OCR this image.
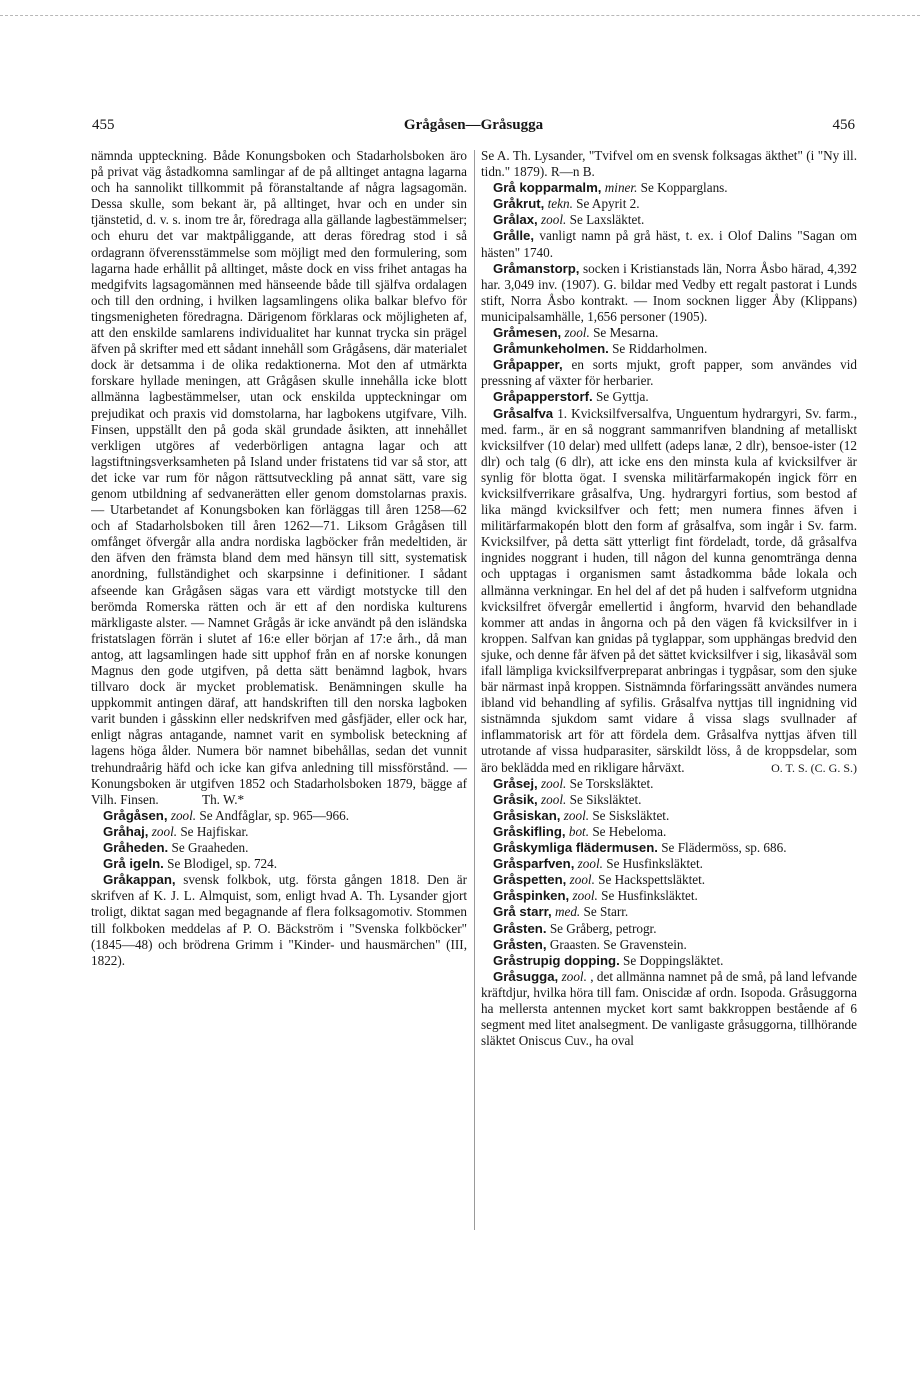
455	Grågåsen—Gråsugga	456

nämnda uppteckning. Både Konungsboken och Stadarholsboken äro på privat väg åstadkomna samlingar af de på alltinget antagna lagarna och ha sannolikt tillkommit på föranstaltande af några lagsagomän. Dessa skulle, som bekant är, på alltinget, hvar och en under sin tjänstetid, d. v. s. inom tre år, föredraga alla gällande lagbestämmelser; och ehuru det var maktpåliggande, att deras föredrag stod i så ordagrann öfverensstämmelse som möjligt med den formulering, som lagarna hade erhållit på alltinget, måste dock en viss frihet antagas ha medgifvits lagsagomännen med hänseende både till själfva ordalagen och till den ordning, i hvilken lagsamlingens olika balkar blefvo för tingsmenigheten föredragna. Därigenom förklaras ock möjligheten af, att den enskilde samlarens individualitet har kunnat trycka sin prägel äfven på skrifter med ett sådant innehåll som Grågåsens, där materialet dock är detsamma i de olika redaktionerna. Mot den af utmärkta forskare hyllade meningen, att Grågåsen skulle innehålla icke blott allmänna lagbestämmelser, utan ock enskilda uppteckningar om prejudikat och praxis vid domstolarna, har lagbokens utgifvare, Vilh. Finsen, uppställt den på goda skäl grundade åsikten, att innehållet verkligen utgöres af vederbörligen antagna lagar och att lagstiftningsverksamheten på Island under fristatens tid var så stor, att det icke var rum för någon rättsutveckling på annat sätt, vare sig genom utbildning af sedvanerätten eller genom domstolarnas praxis. — Utarbetandet af Konungsboken kan förläggas till åren 1258—62 och af Stadarholsboken till åren 1262—71. Liksom Grågåsen till omfånget öfvergår alla andra nordiska lagböcker från medeltiden, är den äfven den främsta bland dem med hänsyn till sitt, systematisk anordning, fullständighet och skarpsinne i definitioner. I sådant afseende kan Grågåsen sägas vara ett värdigt motstycke till den berömda Romerska rätten och är ett af den nordiska kulturens märkligaste alster. — Namnet Grågås är icke användt på den isländska fristatslagen förrän i slutet af 16:e eller början af 17:e årh., då man antog, att lagsamlingen hade sitt upphof från en af norske konungen Magnus den gode utgifven, på detta sätt benämnd lagbok, hvars tillvaro dock är mycket problematisk. Benämningen skulle ha uppkommit antingen däraf, att handskriften till den norska lagboken varit bunden i gåsskinn eller nedskrifven med gåsfjäder, eller ock har, enligt någras antagande, namnet varit en symbolisk beteckning af lagens höga ålder. Numera bör namnet bibehållas, sedan det vunnit trehundraårig häfd och icke kan gifva anledning till missförstånd. — Konungsboken är utgifven 1852 och Stadarholsboken 1879, bägge af Vilh. Finsen.	Th. W.*

Grågåsen, zool. Se Andfåglar, sp. 965—966.

Gråhaj, zool. Se Hajfiskar.

Gråheden. Se Graaheden.

Grå igeln. Se Blodigel, sp. 724.

Gråkappan, svensk folkbok, utg. första gången 1818. Den är skrifven af K. J. L. Almquist, som, enligt hvad A. Th. Lysander gjort troligt, diktat sagan med begagnande af flera folksagomotiv. Stommen till folkboken meddelas af P. O. Bäckström i "Svenska folkböcker" (1845—48) och brödrena Grimm i "Kinder- und hausmärchen" (III, 1822).

Se A. Th. Lysander, "Tvifvel om en svensk folksagas äkthet" (i "Ny ill. tidn." 1879). R—n B.

Grå kopparmalm, miner. Se Kopparglans.

Gråkrut, tekn. Se Apyrit 2.

Grålax, zool. Se Laxsläktet.

Grålle, vanligt namn på grå häst, t. ex. i Olof Dalins "Sagan om hästen" 1740.

Gråmanstorp, socken i Kristianstads län, Norra Åsbo härad, 4,392 har. 3,049 inv. (1907). G. bildar med Vedby ett regalt pastorat i Lunds stift, Norra Åsbo kontrakt. — Inom socknen ligger Åby (Klippans) municipalsamhälle, 1,656 personer (1905).

Gråmesen, zool. Se Mesarna.

Gråmunkeholmen. Se Riddarholmen.

Gråpapper, en sorts mjukt, groft papper, som användes vid pressning af växter för herbarier.

Gråpapperstorf. Se Gyttja.

Gråsalfva 1. Kvicksilfversalfva, Unguentum hydrargyri, Sv. farm., med. farm., är en så noggrant sammanrifven blandning af metalliskt kvicksilfver (10 delar) med ullfett (adeps lanæ, 2 dlr), bensoe-ister (12 dlr) och talg (6 dlr), att icke ens den minsta kula af kvicksilfver är synlig för blotta ögat. I svenska militärfarmakopén ingick förr en kvicksilfverrikare gråsalfva, Ung. hydrargyri fortius, som bestod af lika mängd kvicksilfver och fett; men numera finnes äfven i militärfarmakopén blott den form af gråsalfva, som ingår i Sv. farm. Kvicksilfver, på detta sätt ytterligt fint fördeladt, torde, då gråsalfva ingnides noggrant i huden, till någon del kunna genomtränga denna och upptagas i organismen samt åstadkomma både lokala och allmänna verkningar. En hel del af det på huden i salfveform utgnidna kvicksilfret öfvergår emellertid i ångform, hvarvid den behandlade kommer att andas in ångorna och på den vägen få kvicksilfver in i kroppen. Salfvan kan gnidas på tyglappar, som upphängas bredvid den sjuke, och denne får äfven på det sättet kvicksilfver i sig, likasåväl som ifall lämpliga kvicksilfverpreparat anbringas i tygpåsar, som den sjuke bär närmast inpå kroppen. Sistnämnda förfaringssätt användes numera ibland vid behandling af syfilis. Gråsalfva nyttjas till ingnidning vid sistnämnda sjukdom samt vidare å vissa slags svullnader af inflammatorisk art för att fördela dem. Gråsalfva nyttjas äfven till utrotande af vissa hudparasiter, särskildt löss, å de kroppsdelar, som äro beklädda med en rikligare hårväxt.	O. T. S. (C. G. S.)

Gråsej, zool. Se Torsksläktet.

Gråsik, zool. Se Siksläktet.

Gråsiskan, zool. Se Sisksläktet.

Gråskifling, bot. Se Hebeloma.

Gråskymliga flädermusen. Se Flädermöss, sp. 686.

Gråsparfven, zool. Se Husfinksläktet.

Gråspetten, zool. Se Hackspettsläktet.

Gråspinken, zool. Se Husfinksläktet.

Grå starr, med. Se Starr.

Gråsten. Se Gråberg, petrogr.

Gråsten, Graasten. Se Gravenstein.

Gråstrupig dopping. Se Doppingsläktet.

Gråsugga, zool. , det allmänna namnet på de små, på land lefvande kräftdjur, hvilka höra till fam. Oniscidæ af ordn. Isopoda. Gråsuggorna ha mellersta antennen mycket kort samt bakkroppen bestående af 6 segment med litet analsegment. De vanligaste gråsuggorna, tillhörande släktet Oniscus Cuv., ha oval
